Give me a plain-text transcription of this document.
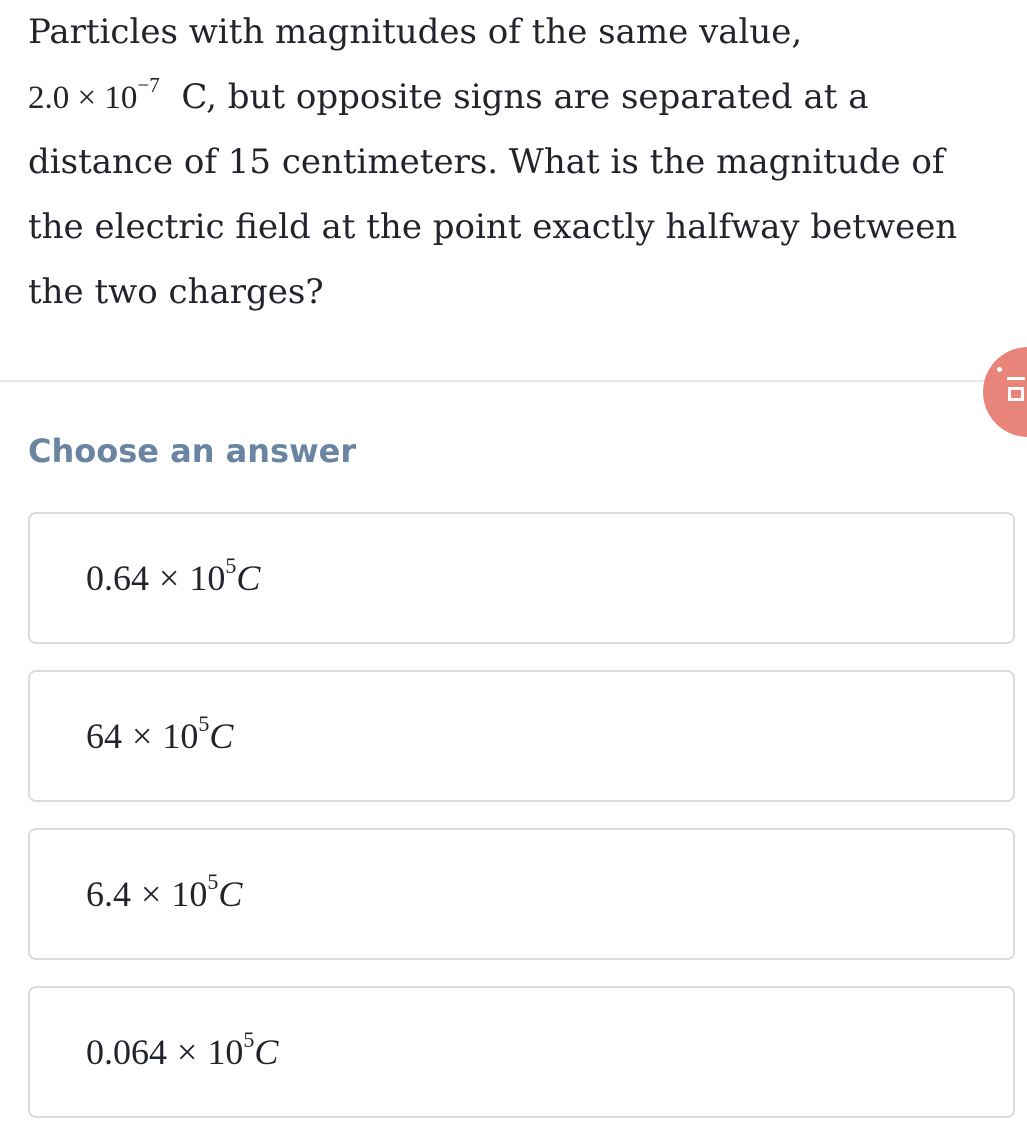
Particles with magnitudes of the same value,
$2.0 \times 10^{-7}$ C, but opposite signs are separated at a
distance of 15 centimeters. What is the magnitude of
the electric field at the point exactly halfway between
the two charges?
Choose an answer
$0.64 \times 10^5C$
$64 \times 10^5C$
$6.4 \times 10^5C$
$0.064 \times 10^5C$
